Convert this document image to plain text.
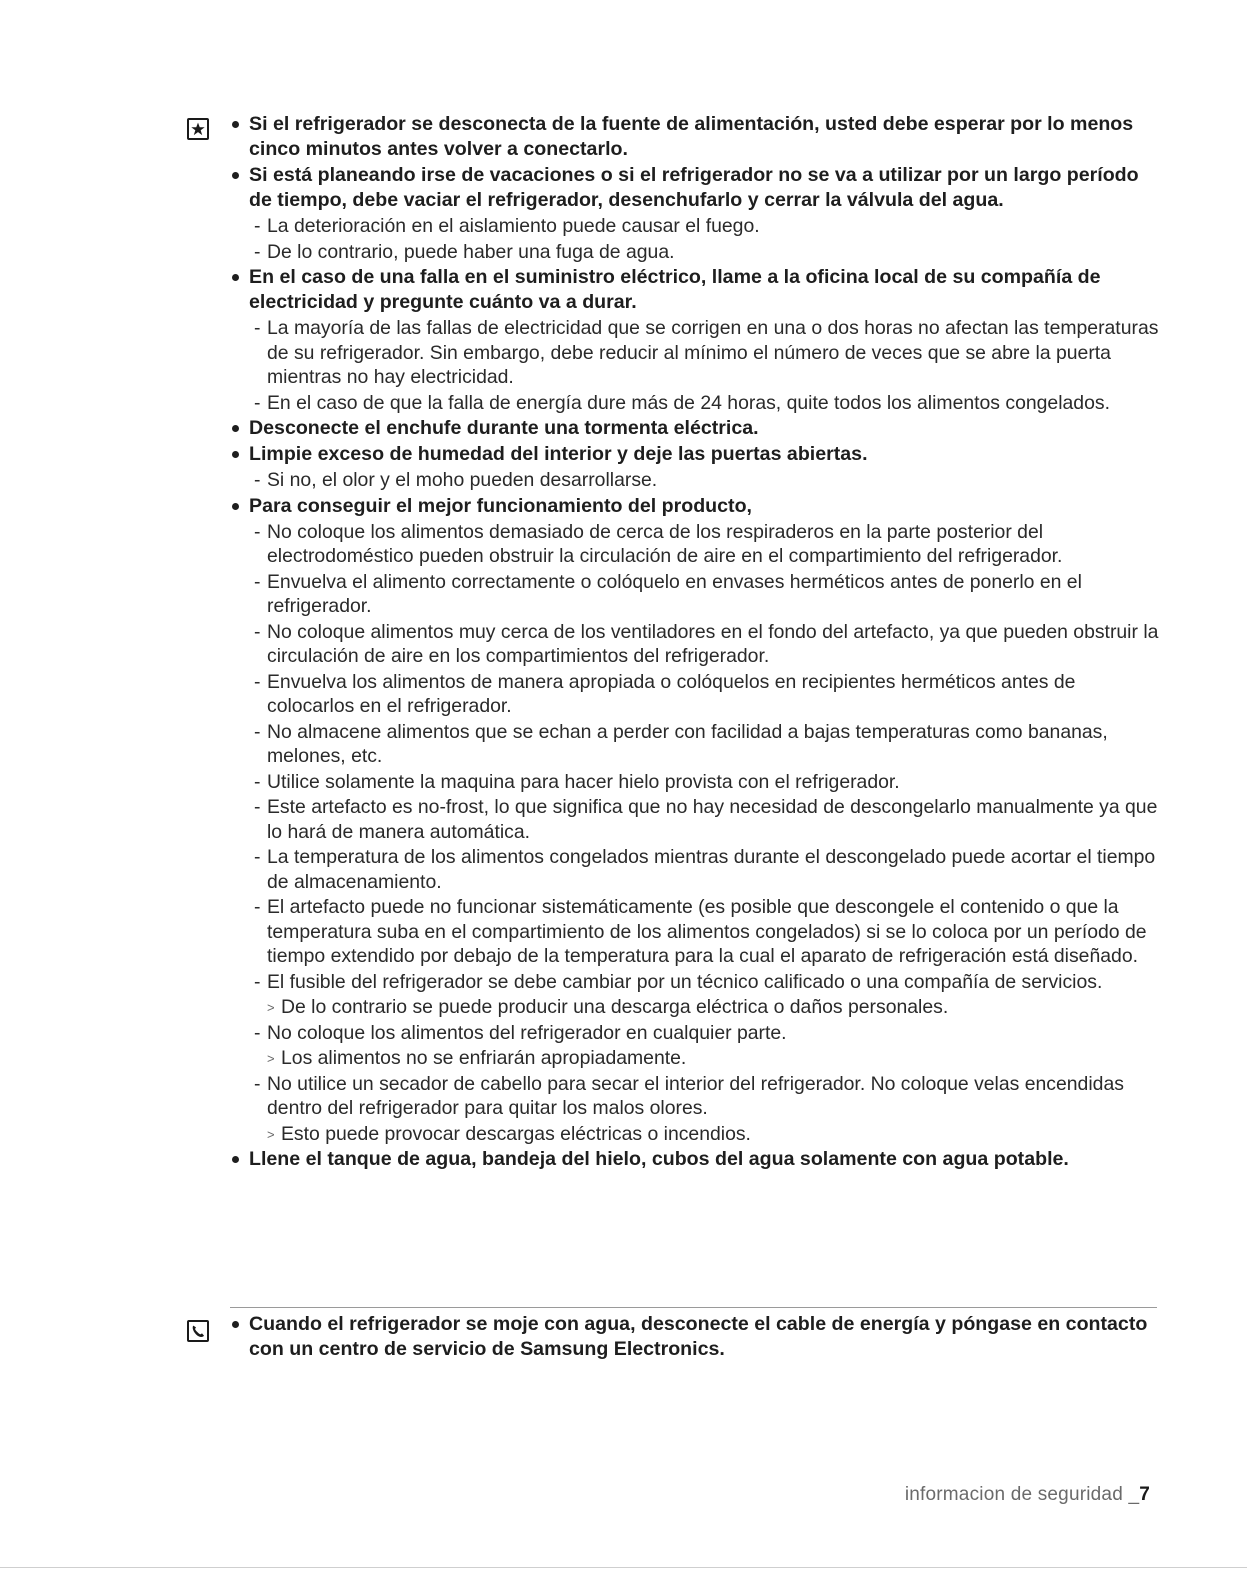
Si el refrigerador se desconecta de la fuente de alimentación, usted debe esperar por lo menos cinco minutos antes volver a conectarlo.
Si está planeando irse de vacaciones o si el refrigerador no se va a utilizar por un largo período de tiempo, debe vaciar el refrigerador, desenchufarlo y cerrar la válvula del agua.
- La deterioración en el aislamiento puede causar el fuego.
- De lo contrario, puede haber una fuga de agua.
En el caso de una falla en el suministro eléctrico, llame a la oficina local de su compañía de electricidad y pregunte cuánto va a durar.
- La mayoría de las fallas de electricidad que se corrigen en una o dos horas no afectan las temperaturas de su refrigerador. Sin embargo, debe reducir al mínimo el número de veces que se abre la puerta mientras no hay electricidad.
- En el caso de que la falla de energía dure más de 24 horas, quite todos los alimentos congelados.
Desconecte el enchufe durante una tormenta eléctrica.
Limpie exceso de humedad del interior y deje las puertas abiertas.
- Si no, el olor y el moho pueden desarrollarse.
Para conseguir el mejor funcionamiento del producto,
- No coloque los alimentos demasiado de cerca de los respiraderos en la parte posterior del electrodoméstico pueden obstruir la circulación de aire en el compartimiento del refrigerador.
- Envuelva el alimento correctamente o colóquelo en envases herméticos antes de ponerlo en el refrigerador.
- No coloque alimentos muy cerca de los ventiladores en el fondo del artefacto, ya que pueden obstruir la circulación de aire en los compartimientos del refrigerador.
- Envuelva los alimentos de manera apropiada o colóquelos en recipientes herméticos antes de colocarlos en el refrigerador.
- No almacene alimentos que se echan a perder con facilidad a bajas temperaturas como bananas, melones, etc.
- Utilice solamente la maquina para hacer hielo provista con el refrigerador.
- Este artefacto es no-frost, lo que significa que no hay necesidad de descongelarlo manualmente ya que lo hará de manera automática.
- La temperatura de los alimentos congelados mientras durante el descongelado puede acortar el tiempo de almacenamiento.
- El artefacto puede no funcionar sistemáticamente (es posible que descongele el contenido o que la temperatura suba en el compartimiento de los alimentos congelados) si se lo coloca por un período de tiempo extendido por debajo de la temperatura para la cual el aparato de refrigeración está diseñado.
- El fusible del refrigerador se debe cambiar por un técnico calificado o una compañía de servicios.
> De lo contrario se puede producir una descarga eléctrica o daños personales.
- No coloque los alimentos del refrigerador en cualquier parte.
> Los alimentos no se enfriarán apropiadamente.
- No utilice un secador de cabello para secar el interior del refrigerador. No coloque velas encendidas dentro del refrigerador para quitar los malos olores.
> Esto puede provocar descargas eléctricas o incendios.
Llene el tanque de agua, bandeja del hielo, cubos del agua solamente con agua potable.
Cuando el refrigerador se moje con agua, desconecte el cable de energía y póngase en contacto con un centro de servicio de Samsung Electronics.
informacion de seguridad _7
